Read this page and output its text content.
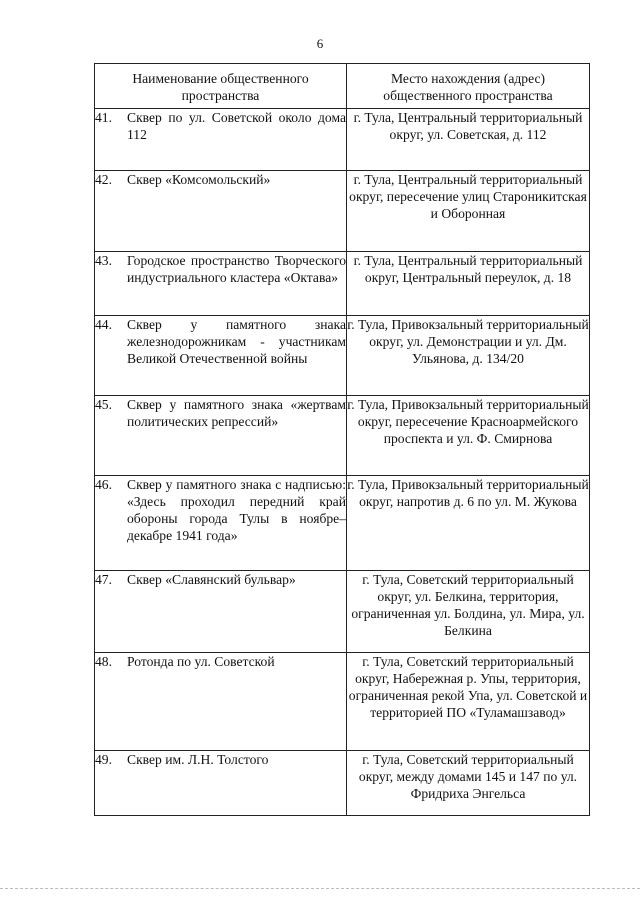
6
Наименование общественного пространства	Место нахождения (адрес) общественного пространства

41. Сквер по ул. Советской около дома 112	г. Тула, Центральный территориальный округ, ул. Советская, д. 112

42. Сквер «Комсомольский»	г. Тула, Центральный территориальный округ, пересечение улиц Староникитская и Оборонная

43. Городское пространство Творческого индустриального кластера «Октава»	г. Тула, Центральный территориальный округ, Центральный переулок, д. 18

44. Сквер у памятного знака железнодорожникам - участникам Великой Отечественной войны	г. Тула, Привокзальный территориальный округ, ул. Демонстрации и ул. Дм. Ульянова, д. 134/20

45. Сквер у памятного знака «жертвам политических репрессий»	г. Тула, Привокзальный территориальный округ, пересечение Красноармейского проспекта и ул. Ф. Смирнова

46. Сквер у памятного знака с надписью: «Здесь проходил передний край обороны города Тулы в ноябре–декабре 1941 года»	г. Тула, Привокзальный территориальный округ, напротив д. 6 по ул. М. Жукова

47. Сквер «Славянский бульвар»	г. Тула, Советский территориальный округ, ул. Белкина, территория, ограниченная ул. Болдина, ул. Мира, ул. Белкина

48. Ротонда по ул. Советской	г. Тула, Советский территориальный округ, Набережная р. Упы, территория, ограниченная рекой Упа, ул. Советской и территорией ПО «Туламашзавод»

49. Сквер им. Л.Н. Толстого	г. Тула, Советский территориальный округ, между домами 145 и 147 по ул. Фридриха Энгельса
